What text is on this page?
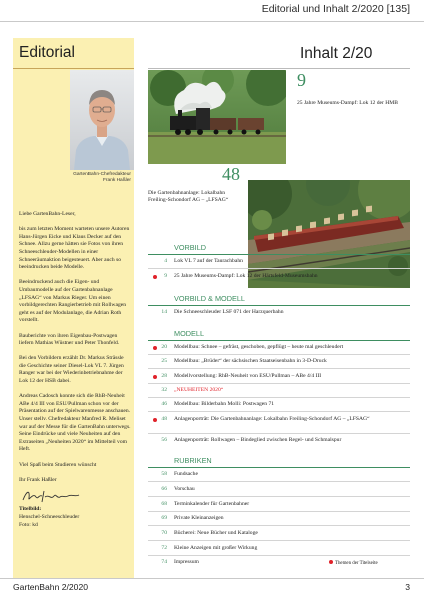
Editorial und Inhalt 2/2020 [135]
Editorial
GartenBahn-Chefredakteur
Frank Haßler

Liebe GartenBahn-Leser,

bis zum letzten Moment warteten unsere Autoren Hans-Jürgen Eicke und Klaus Decker auf den Schnee. Allzu gerne hätten sie Fotos von ihren Schneeschleuder-Modellen in einer Schneeräumaktion beigesteuert. Aber auch so beeindrucken beide Modelle.

Beeindruckend auch die Eigen- und Umbaumodelle auf der Gartenbahnanlage „LFSAG“ von Markus Rieger. Um einen vorbildgerechten Rangierbetrieb mit Rollwagen geht es auf der Modulanlage, die Adrian Roth vorstellt.

Bauberichte von ihren Eigenbau-Postwagen liefern Mathias Wüstner und Peter Thonfeld.

Bei den Vorbildern erzählt Dr. Markus Strässle die Geschichte seiner Diesel-Lok VL 7. Jürgen Ranger war bei der Wiederinbetriebnahme der Lok 12 der HSB dabei.

Andreas Cadosch konnte sich die RhB-Neuheit ABe 4/4 III von ESU/Pullman schon vor der Präsentation auf der Spielwarenmesse anschauen. Unser stellv. Chefredakteur Manfred R. Meliset war auf der Messe für die GartenBahn unterwegs. Seine Eindrücke und viele Neuheiten auf den Extraseiten „Neuheiten 2020“ im Mittelteil vom Heft.

Viel Spaß beim Studieren wünscht

Ihr Frank Haßler

Titelbild:
Henschel-Schneeschleuder
Foto: kd
Inhalt 2/20
9
25 Jahre Museums-Dampf: Lok 12 der HMB
48
Die Gartenbahnanlage: Lokalbahn Freiling-Schondorf AG – „LFSAG“
VORBILD
4 Lok VL 7 auf der Taurachbahn
9 25 Jahre Museums-Dampf: Lok 12 der Härtsfeld-Museumsbahn
VORBILD & MODELL
14 Die Schneeschleuder LSF 071 der Harzquerbahn
MODELL
20 Modellbau: Schnee – gefräst, geschoben, gepflügt – heute mal geschleudert
25 Modellbau: „Brüder“ der sächsischen Staatseisenbahn in 3-D-Druck
28 Modellvorstellung: RhB-Neuheit von ESU/Pullman – ABe 4/4 III
32 „NEUHEITEN 2020“
46 Modellbau: Bilderbahn Molli: Postwagen 71
48 Anlagenporträt: Die Gartenbahnanlage: Lokalbahn Freiling-Schondorf AG – „LFSAG“
56 Anlagenporträt: Rollwagen – Bindeglied zwischen Regel- und Schmalspur
RUBRIKEN
58 Fundsache
66 Vorschau
68 Terminkalender für Gartenbahner
69 Private Kleinanzeigen
70 Bücherei: Neue Bücher und Kataloge
72 Kleine Anzeigen mit großer Wirkung
74 Impressum	Themen der Titelseite
GartenBahn 2/2020	3
